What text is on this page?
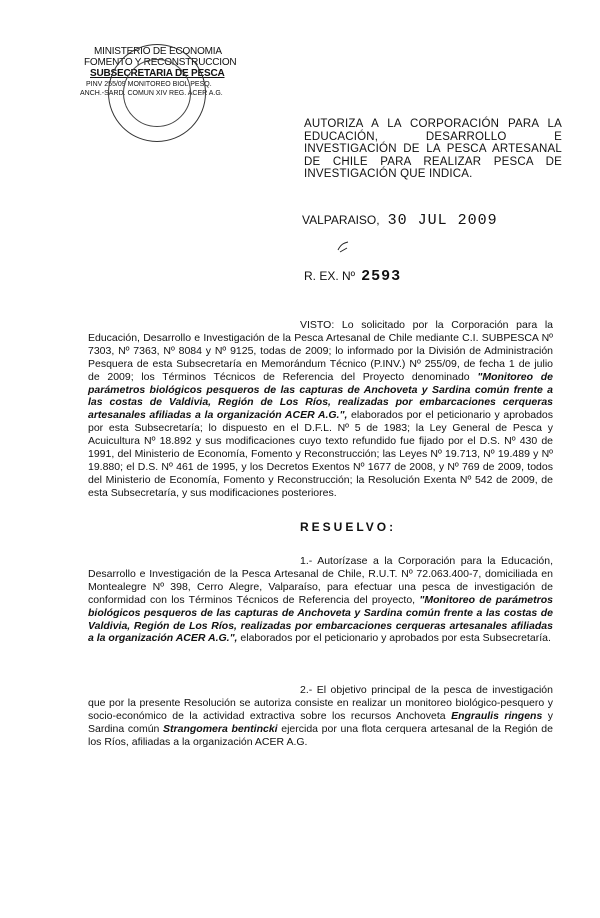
MINISTERIO DE ECONOMIA
FOMENTO Y RECONSTRUCCION
SUBSECRETARIA DE PESCA
PINV 255/09 MONITOREO BIOL PESQ.
ANCH.-SARD. COMUN XIV REG. ACER A.G.
AUTORIZA A LA CORPORACIÓN PARA LA EDUCACIÓN, DESARROLLO E INVESTIGACIÓN DE LA PESCA ARTESANAL DE CHILE PARA REALIZAR PESCA DE INVESTIGACIÓN QUE INDICA.
VALPARAISO, 30 JUL 2009
R. EX. Nº 2593
VISTO: Lo solicitado por la Corporación para la Educación, Desarrollo e Investigación de la Pesca Artesanal de Chile mediante C.I. SUBPESCA Nº 7303, Nº 7363, Nº 8084 y Nº 9125, todas de 2009; lo informado por la División de Administración Pesquera de esta Subsecretaría en Memorándum Técnico (P.INV.) Nº 255/09, de fecha 1 de julio de 2009; los Términos Técnicos de Referencia del Proyecto denominado "Monitoreo de parámetros biológicos pesqueros de las capturas de Anchoveta y Sardina común frente a las costas de Valdivia, Región de Los Ríos, realizadas por embarcaciones cerqueras artesanales afiliadas a la organización ACER A.G.", elaborados por el peticionario y aprobados por esta Subsecretaría; lo dispuesto en el D.F.L. Nº 5 de 1983; la Ley General de Pesca y Acuicultura Nº 18.892 y sus modificaciones cuyo texto refundido fue fijado por el D.S. Nº 430 de 1991, del Ministerio de Economía, Fomento y Reconstrucción; las Leyes Nº 19.713, Nº 19.489 y Nº 19.880; el D.S. Nº 461 de 1995, y los Decretos Exentos Nº 1677 de 2008, y Nº 769 de 2009, todos del Ministerio de Economía, Fomento y Reconstrucción; la Resolución Exenta Nº 542 de 2009, de esta Subsecretaría, y sus modificaciones posteriores.
RESUELVO:
1.- Autorízase a la Corporación para la Educación, Desarrollo e Investigación de la Pesca Artesanal de Chile, R.U.T. Nº 72.063.400-7, domiciliada en Montealegre Nº 398, Cerro Alegre, Valparaíso, para efectuar una pesca de investigación de conformidad con los Términos Técnicos de Referencia del proyecto, "Monitoreo de parámetros biológicos pesqueros de las capturas de Anchoveta y Sardina común frente a las costas de Valdivia, Región de Los Ríos, realizadas por embarcaciones cerqueras artesanales afiliadas a la organización ACER A.G.", elaborados por el peticionario y aprobados por esta Subsecretaría.
2.- El objetivo principal de la pesca de investigación que por la presente Resolución se autoriza consiste en realizar un monitoreo biológico-pesquero y socio-económico de la actividad extractiva sobre los recursos Anchoveta Engraulis ringens y Sardina común Strangomera bentincki ejercida por una flota cerquera artesanal de la Región de los Ríos, afiliadas a la organización ACER A.G.
